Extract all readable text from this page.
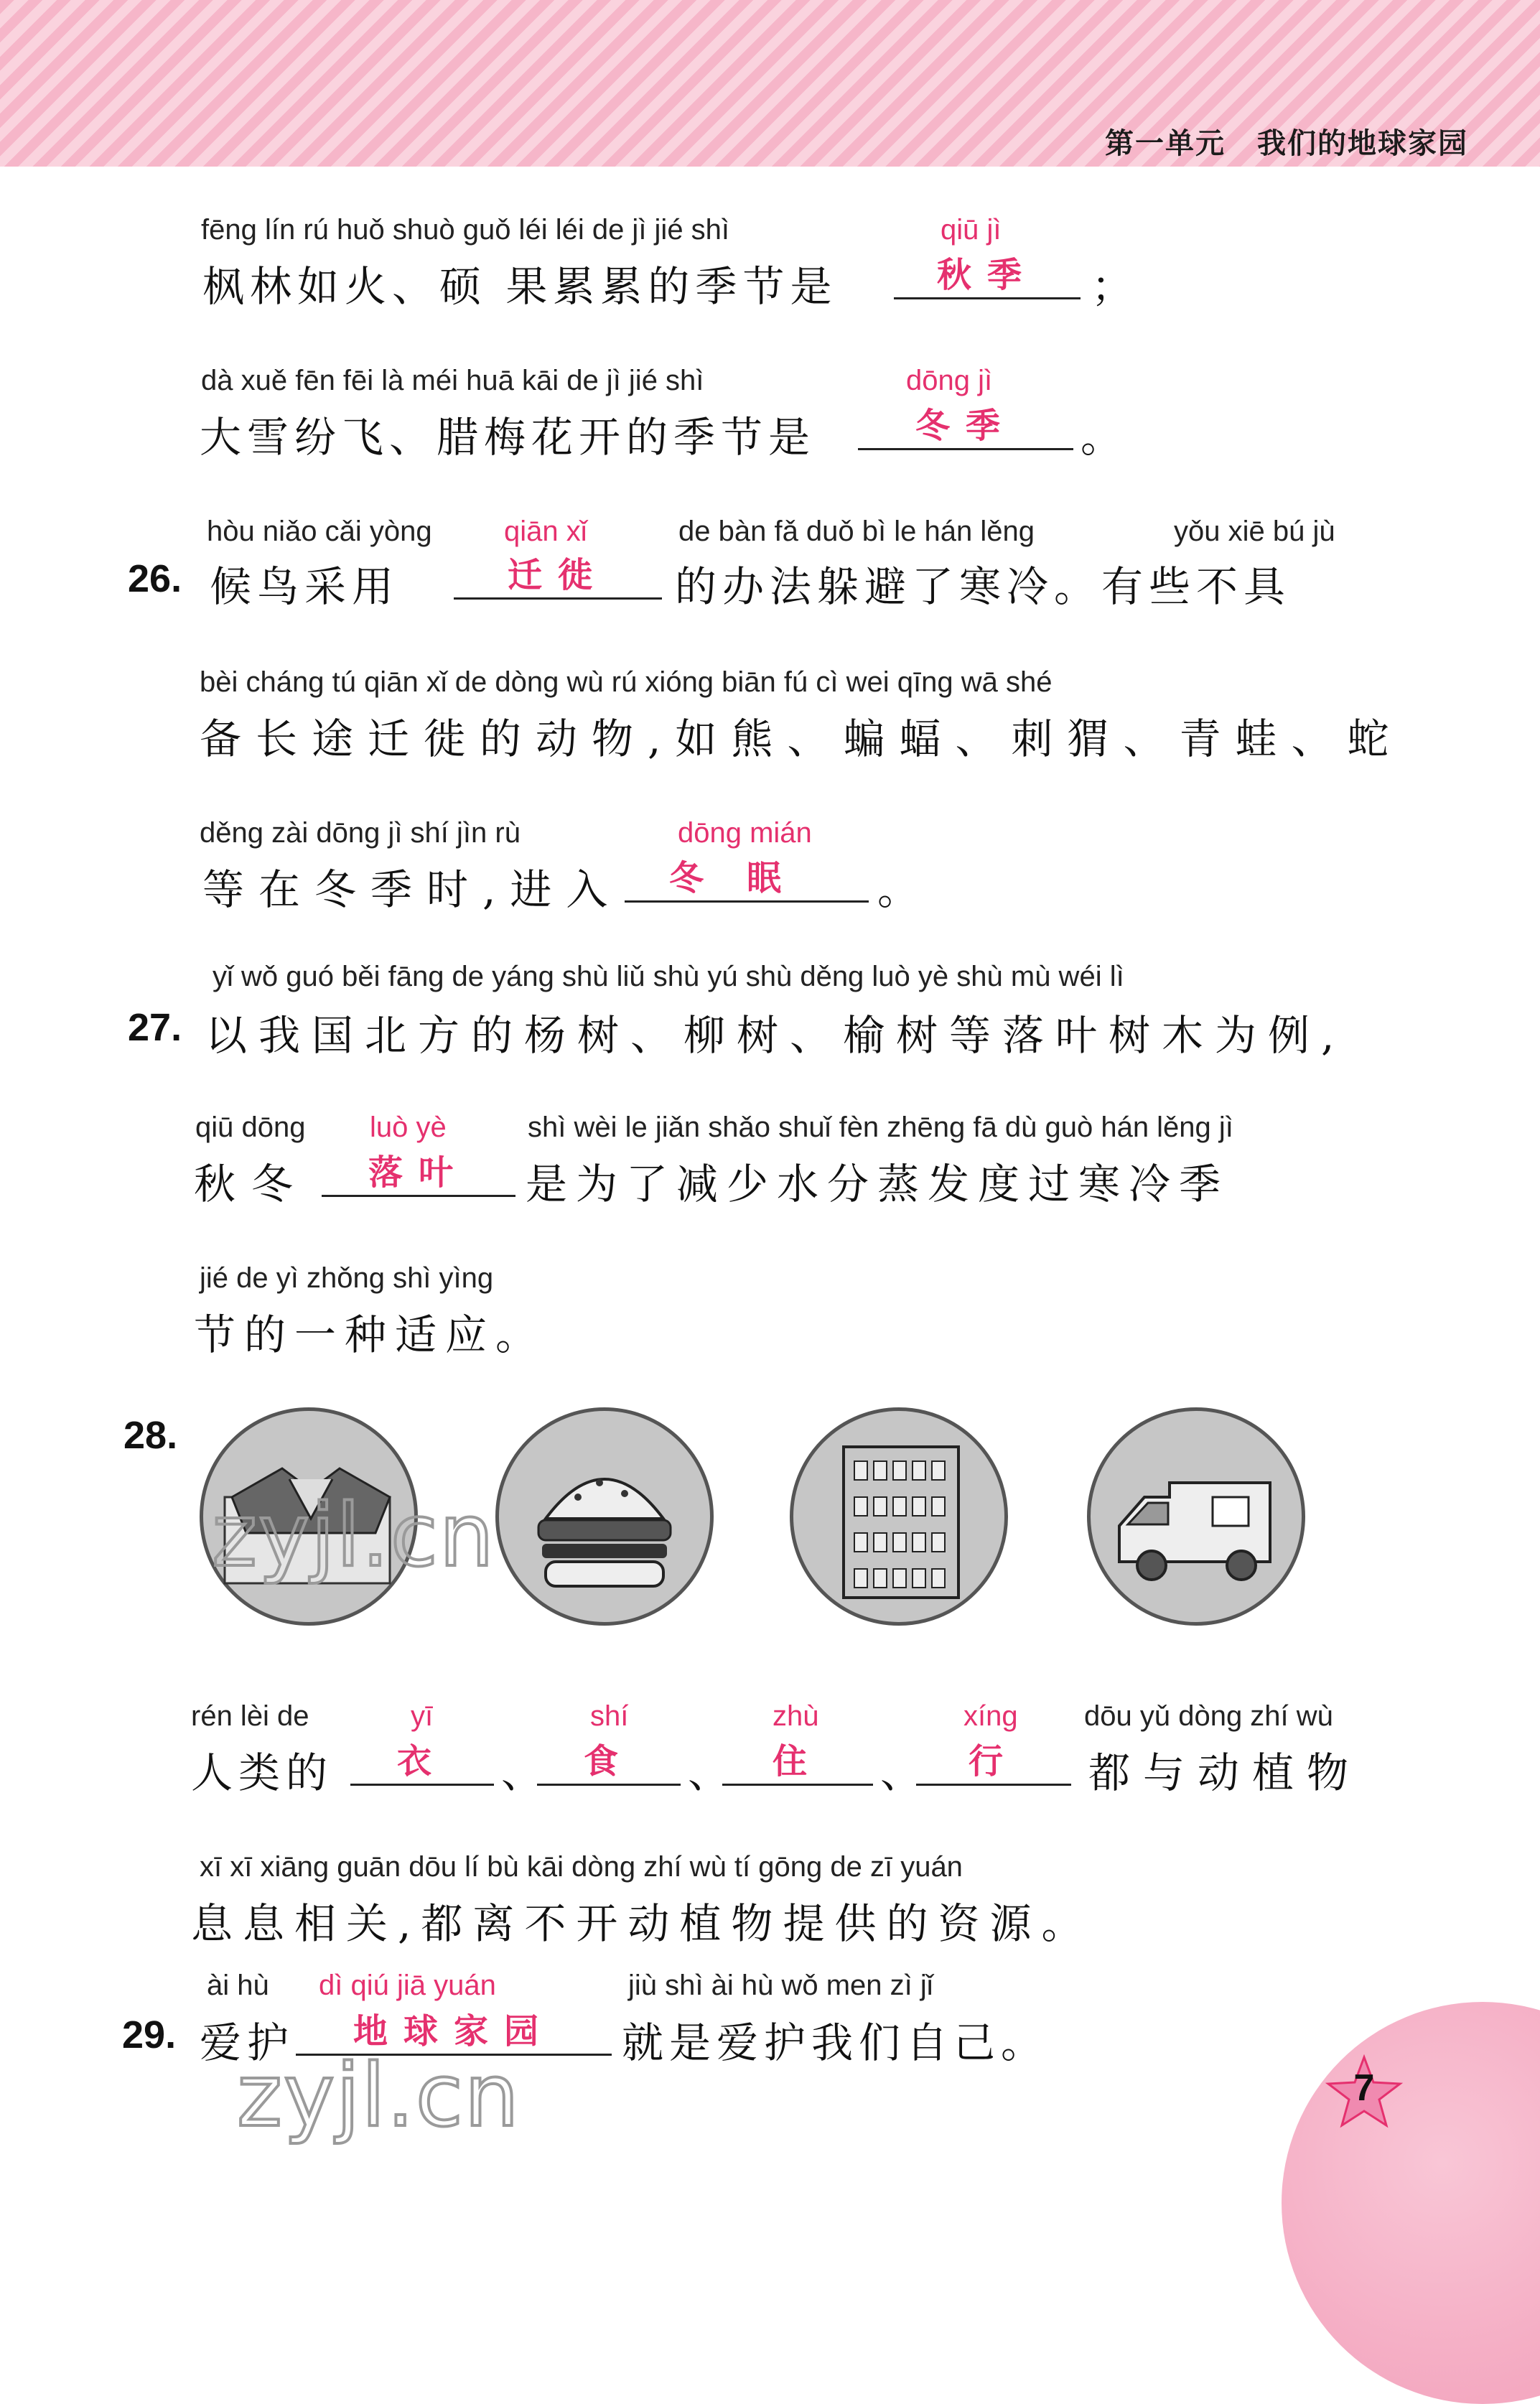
第一单元 我们的地球家园
fēng lín rú huǒ shuò guǒ léi léi de jì jié shì	qiū jì
枫林如火、硕 果累累的季节是	秋季	；
dà xuě fēn fēi là méi huā kāi de jì jié shì	dōng jì
大雪纷飞、腊梅花开的季节是	冬季	。
hòu niǎo cǎi yòng	qiān xǐ	de bàn fǎ duǒ bì le hán lěng	yǒu xiē bú jù
26. 候鸟采用	迁徙	的办法躲避了寒冷。有些不具
bèi cháng tú qiān xǐ de dòng wù rú xióng biān fú cì wei qīng wā shé
备长途迁徙的动物,如熊、蝙蝠、刺猬、青蛙、蛇
děng zài dōng jì shí jìn rù	dōng mián
等在冬季时,进入	冬眠	。
yǐ wǒ guó běi fāng de yáng shù liǔ shù yú shù děng luò yè shù mù wéi lì
27. 以我国北方的杨树、柳树、榆树等落叶树木为例,
qiū dōng luò yè	shì wèi le jiǎn shǎo shuǐ fèn zhēng fā dù guò hán lěng jì
秋冬	落叶	是为了减少水分蒸发度过寒冷季
jié de yì zhǒng shì yìng
节的一种适应。
28.
zyjl.cn
rén lèi de	yī	shí	zhù	xíng dōu yǔ dòng zhí wù
人类的	衣	、	食	、	住	、	行	都与动植物
xī xī xiāng guān dōu lí bù kāi dòng zhí wù tí gōng de zī yuán
息息相关,都离不开动植物提供的资源。
ài hù dì qiú jiā yuán	jiù shì ài hù wǒ men zì jǐ
29. 爱护	地球家园	就是爱护我们自己。
zyjl.cn	7
